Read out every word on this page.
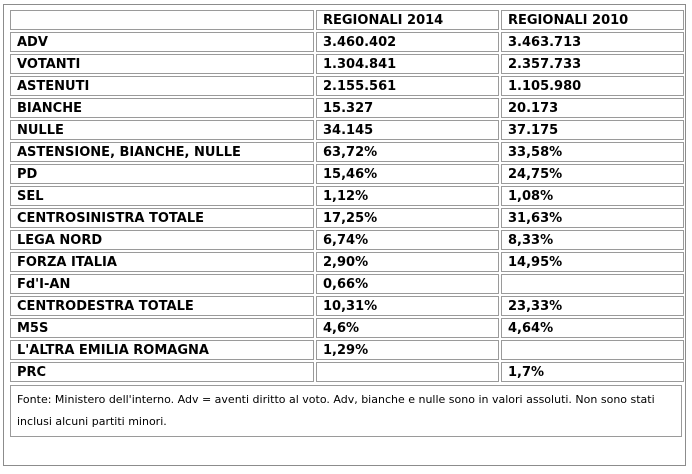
	REGIONALI 2014	REGIONALI 2010
ADV	3.460.402	3.463.713
VOTANTI	1.304.841	2.357.733
ASTENUTI	2.155.561	1.105.980
BIANCHE	15.327	20.173
NULLE	34.145	37.175
ASTENSIONE, BIANCHE, NULLE	63,72%	33,58%
PD	15,46%	24,75%
SEL	1,12%	1,08%
CENTROSINISTRA TOTALE	17,25%	31,63%
LEGA NORD	6,74%	8,33%
FORZA ITALIA	2,90%	14,95%
Fd'I-AN	0,66%	
CENTRODESTRA TOTALE	10,31%	23,33%
M5S	4,6%	4,64%
L'ALTRA EMILIA ROMAGNA	1,29%	
PRC		1,7%
Fonte: Ministero dell'interno. Adv = aventi diritto al voto. Adv, bianche e nulle sono in valori assoluti. Non sono stati inclusi alcuni partiti minori.
